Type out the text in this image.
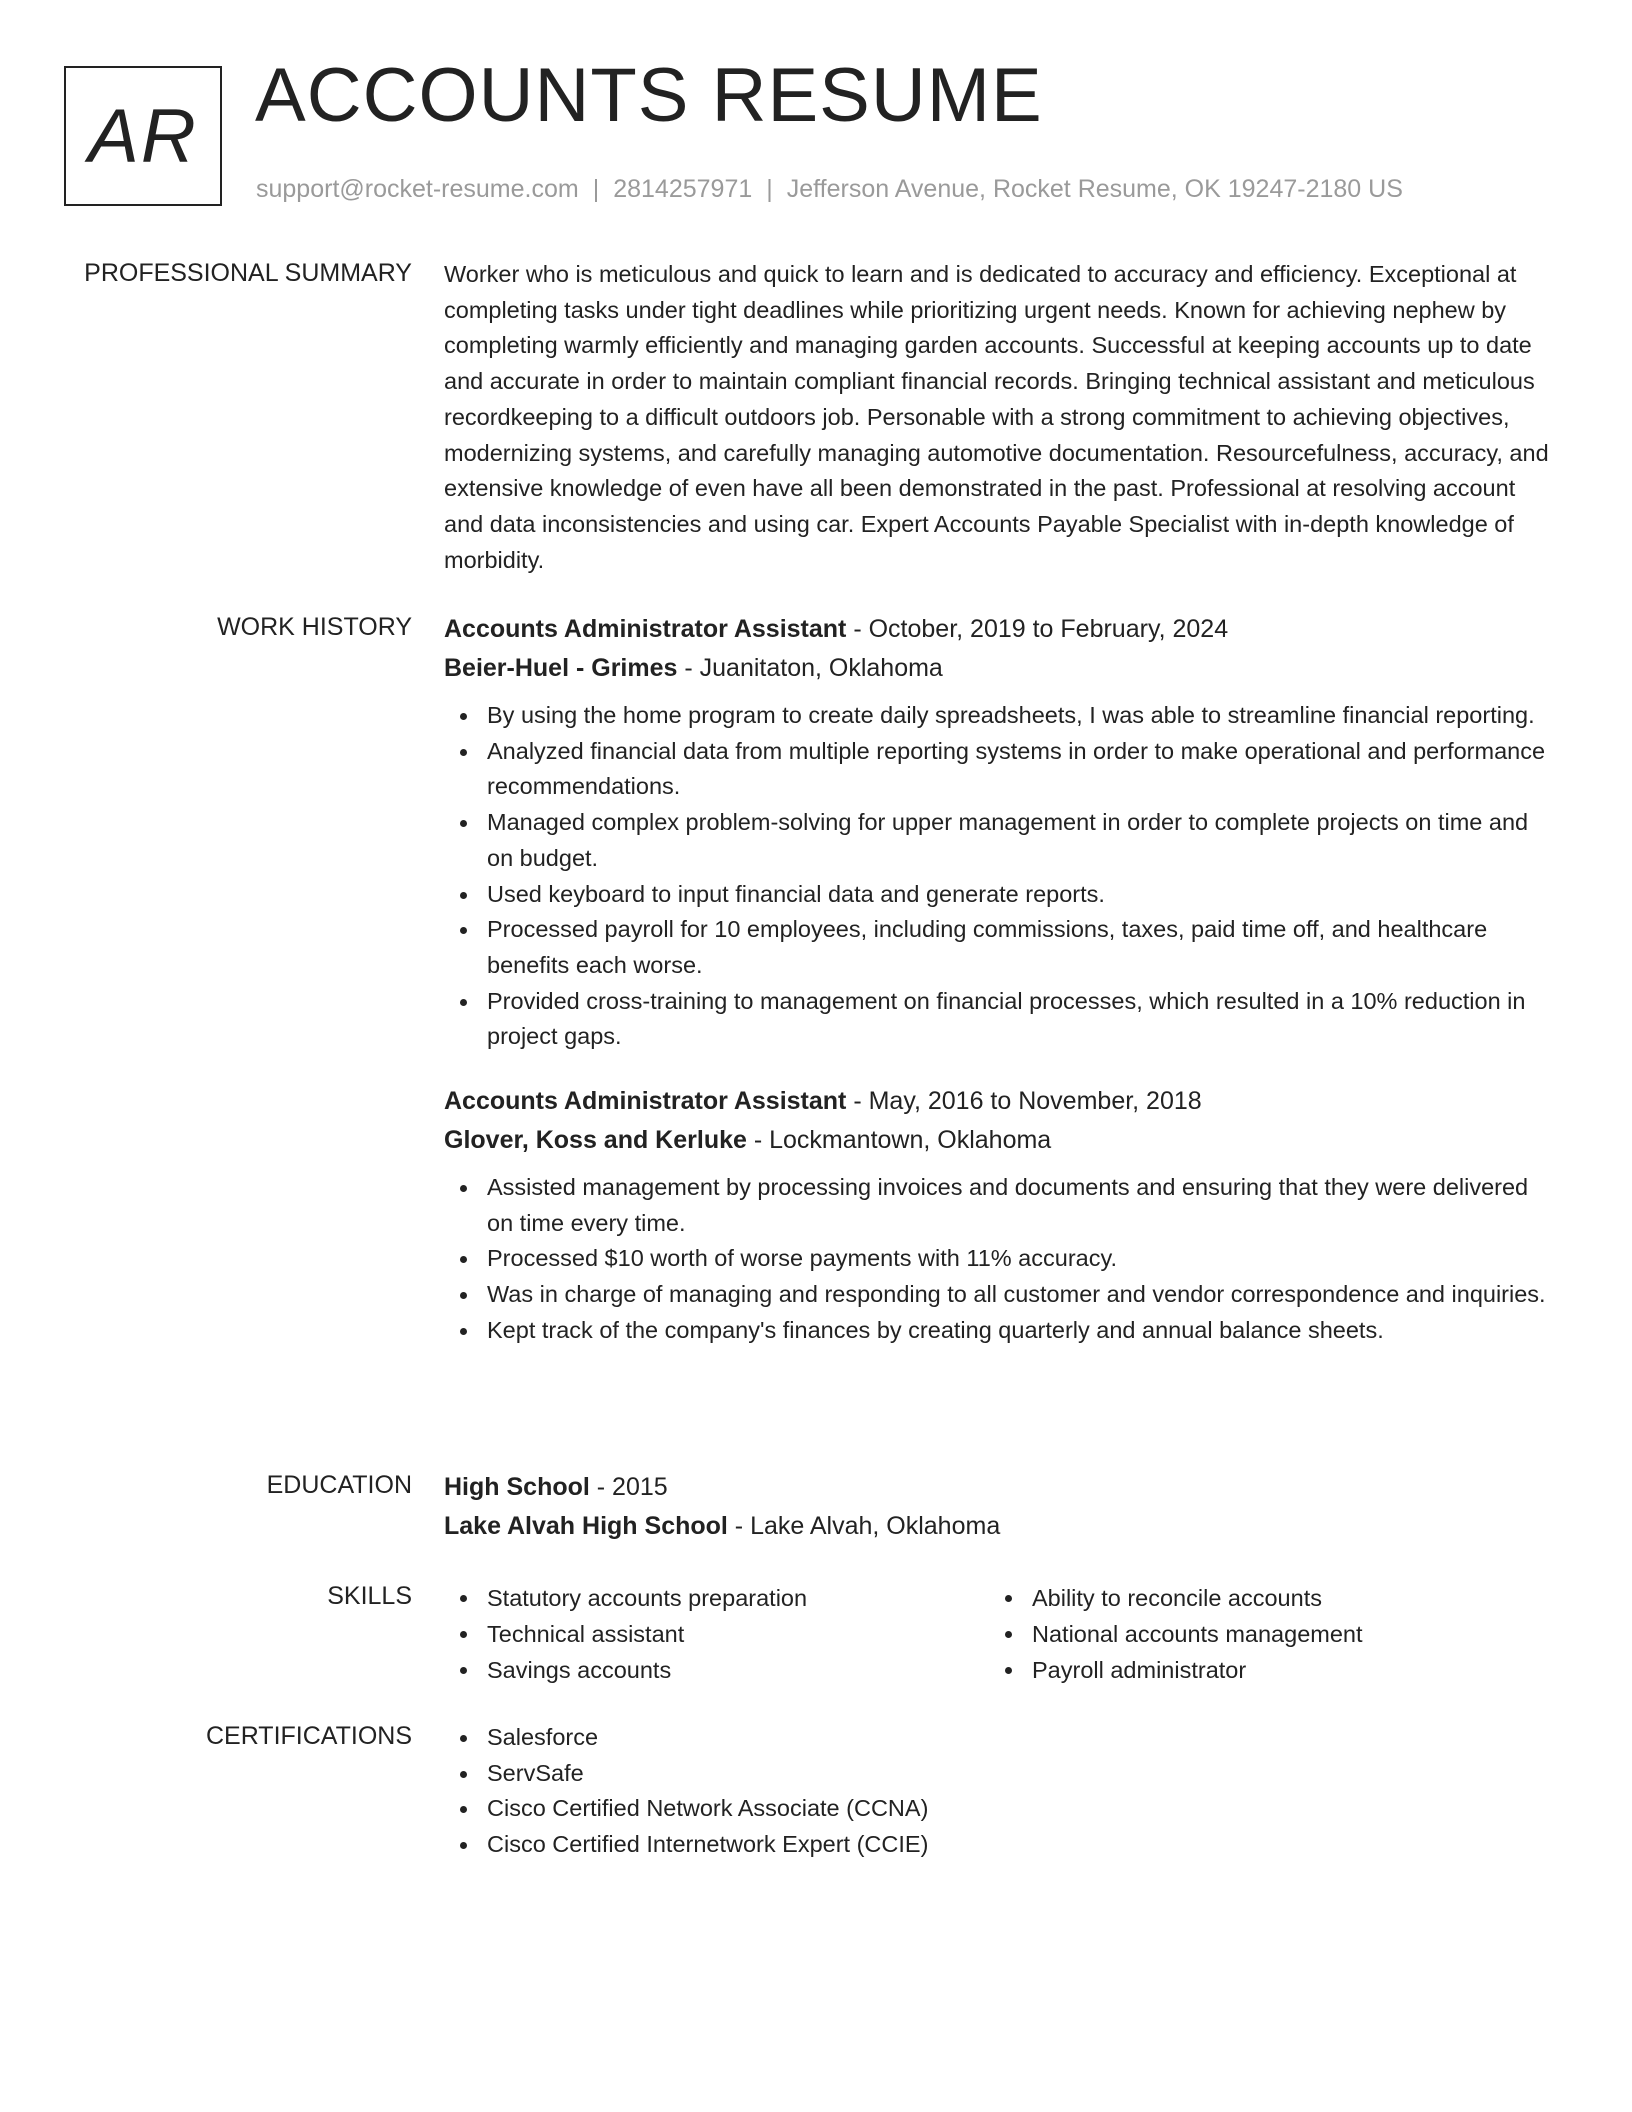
AR ACCOUNTS RESUME
support@rocket-resume.com | 2814257971 | Jefferson Avenue, Rocket Resume, OK 19247-2180 US
PROFESSIONAL SUMMARY Worker who is meticulous and quick to learn and is dedicated to accuracy and efficiency. Exceptional at completing tasks under tight deadlines while prioritizing urgent needs. Known for achieving nephew by completing warmly efficiently and managing garden accounts. Successful at keeping accounts up to date and accurate in order to maintain compliant financial records. Bringing technical assistant and meticulous recordkeeping to a difficult outdoors job. Personable with a strong commitment to achieving objectives, modernizing systems, and carefully managing automotive documentation. Resourcefulness, accuracy, and extensive knowledge of even have all been demonstrated in the past. Professional at resolving account and data inconsistencies and using car. Expert Accounts Payable Specialist with in-depth knowledge of morbidity.

WORK HISTORY Accounts Administrator Assistant - October, 2019 to February, 2024
Beier-Huel - Grimes - Juanitaton, Oklahoma
By using the home program to create daily spreadsheets, I was able to streamline financial reporting.
Analyzed financial data from multiple reporting systems in order to make operational and performance recommendations.
Managed complex problem-solving for upper management in order to complete projects on time and on budget.
Used keyboard to input financial data and generate reports.
Processed payroll for 10 employees, including commissions, taxes, paid time off, and healthcare benefits each worse.
Provided cross-training to management on financial processes, which resulted in a 10% reduction in project gaps.
Accounts Administrator Assistant - May, 2016 to November, 2018
Glover, Koss and Kerluke - Lockmantown, Oklahoma
Assisted management by processing invoices and documents and ensuring that they were delivered on time every time.
Processed $10 worth of worse payments with 11% accuracy.
Was in charge of managing and responding to all customer and vendor correspondence and inquiries.
Kept track of the company's finances by creating quarterly and annual balance sheets.
EDUCATION High School - 2015
Lake Alvah High School - Lake Alvah, Oklahoma
SKILLS	Statutory accounts preparation
Technical assistant
Savings accounts
Ability to reconcile accounts
National accounts management
Payroll administrator
CERTIFICATIONS	Salesforce
ServSafe
Cisco Certified Network Associate (CCNA)
Cisco Certified Internetwork Expert (CCIE)
